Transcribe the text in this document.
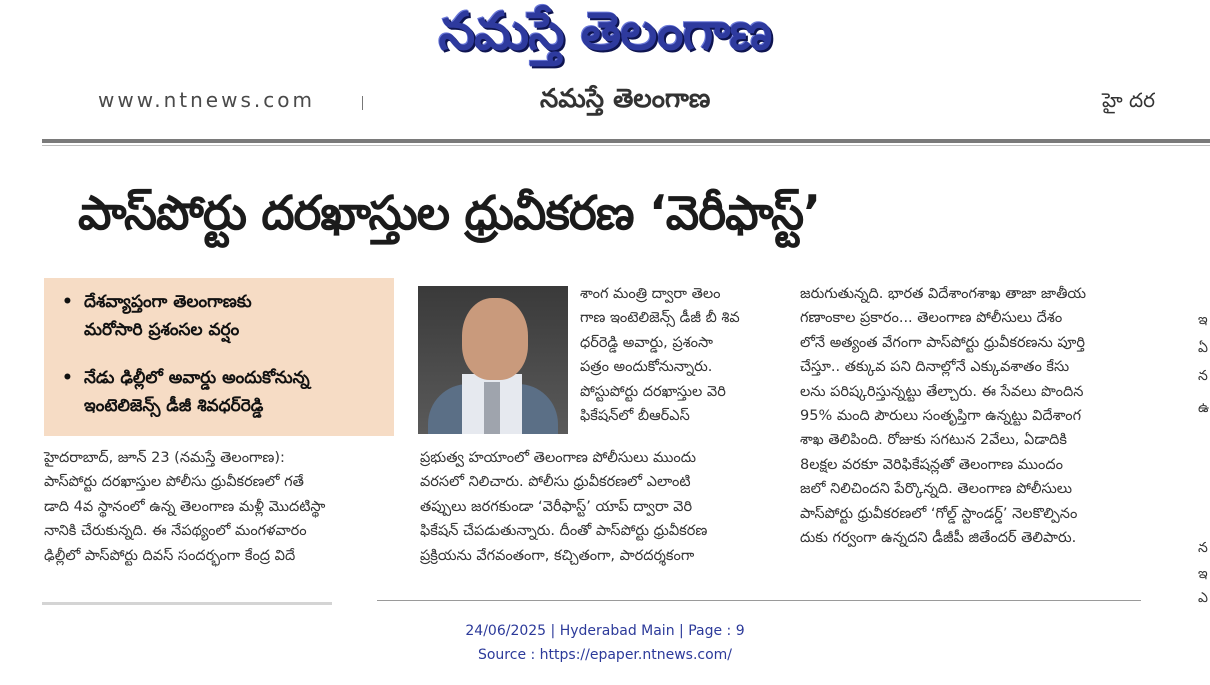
నమస్తే తెలంగాణ
www.ntnews.com	నమస్తే తెలంగాణ	హై దర
పాస్‌పోర్టు దరఖాస్తుల ధ్రువీకరణ ‘వెరీఫాస్ట్’
• దేశవ్యాప్తంగా తెలంగాణకు
మరోసారి ప్రశంసల వర్షం
• నేడు ఢిల్లీలో అవార్డు అందుకోనున్న
ఇంటెలిజెన్స్ డీజీ శివధర్‌రెడ్డి
హైదరాబాద్, జూన్ 23 (నమస్తే తెలంగాణ):
పాస్‌పోర్టు దరఖాస్తుల పోలీసు ధ్రువీకరణలో గతే
డాది 4వ స్థానంలో ఉన్న తెలంగాణ మళ్లీ మొదటిస్థా
నానికి చేరుకున్నది. ఈ నేపథ్యంలో మంగళవారం
ఢిల్లీలో పాస్‌పోర్టు దివస్ సందర్భంగా కేంద్ర విదే
శాంగ మంత్రి ద్వారా తెలం
గాణ ఇంటెలిజెన్స్ డీజీ బీ శివ
ధర్‌రెడ్డి అవార్డు, ప్రశంసా
పత్రం అందుకోనున్నారు.
పోస్టుపోర్టు దరఖాస్తుల వెరి
ఫికేషన్‌లో బీఆర్‌ఎస్
ప్రభుత్వ హయాంలో తెలంగాణ పోలీసులు ముందు
వరసలో నిలిచారు. పోలీసు ధ్రువీకరణలో ఎలాంటి
తప్పులు జరగకుండా ‘వెరీఫాస్ట్’ యాప్ ద్వారా వెరి
ఫికేషన్ చేపడుతున్నారు. దీంతో పాస్‌పోర్టు ధ్రువీకరణ
ప్రక్రియను వేగవంతంగా, కచ్చితంగా, పారదర్శకంగా
జరుగుతున్నది. భారత విదేశాంగశాఖ తాజా జాతీయ
గణాంకాల ప్రకారం... తెలంగాణ పోలీసులు దేశం
లోనే అత్యంత వేగంగా పాస్‌పోర్టు ధ్రువీకరణను పూర్తి
చేస్తూ.. తక్కువ పని దినాల్లోనే ఎక్కువశాతం కేసు
లను పరిష్కరిస్తున్నట్టు తేల్చారు. ఈ సేవలు పొందిన
95% మంది పౌరులు సంతృప్తిగా ఉన్నట్టు విదేశాంగ
శాఖ తెలిపింది. రోజుకు సగటున 2వేలు, ఏడాదికి
8లక్షల వరకూ వెరిఫికేషన్లతో తెలంగాణ ముందం
జలో నిలిచిందని పేర్కొన్నది. తెలంగాణ పోలీసులు
పాస్‌పోర్టు ధ్రువీకరణలో ‘గోల్డ్ స్టాండర్డ్’ నెలకొల్పినం
దుకు గర్వంగా ఉన్నదని డీజీపీ జితేందర్ తెలిపారు.
ఇ
ఏ
న
ఉ
న
ఇ
ఎ
24/06/2025 | Hyderabad Main | Page : 9
Source : https://epaper.ntnews.com/
